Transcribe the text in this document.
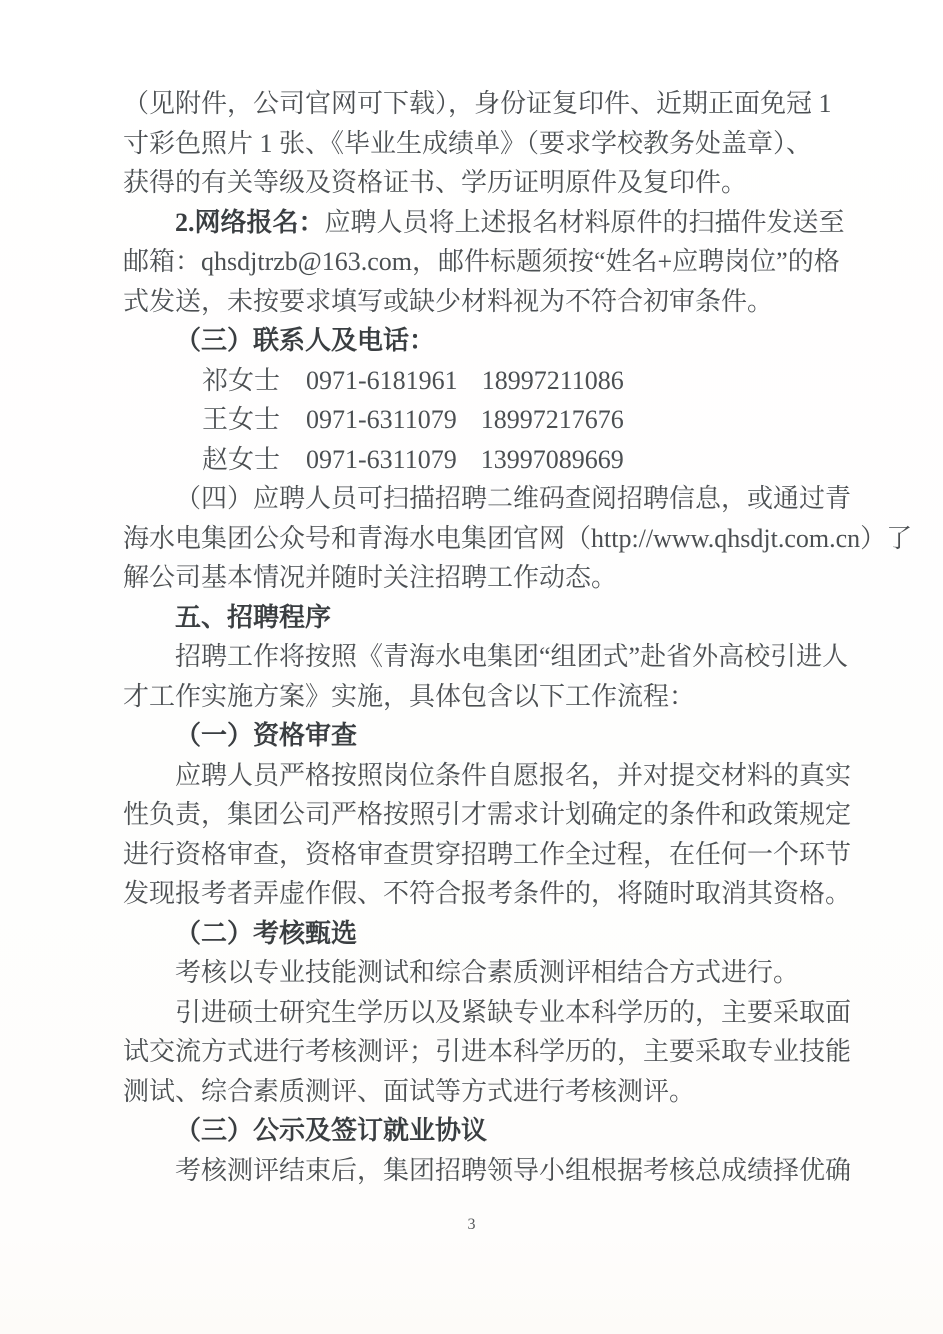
（见附件，公司官网可下载），身份证复印件、近期正面免冠 1
寸彩色照片 1 张、《毕业生成绩单》（要求学校教务处盖章）、
获得的有关等级及资格证书、学历证明原件及复印件。
2.网络报名：应聘人员将上述报名材料原件的扫描件发送至
邮箱：qhsdjtrzb@163.com，邮件标题须按“姓名+应聘岗位”的格
式发送，未按要求填写或缺少材料视为不符合初审条件。
（三）联系人及电话：
祁女士 0971-6181961 18997211086
王女士 0971-6311079 18997217676
赵女士 0971-6311079 13997089669
（四）应聘人员可扫描招聘二维码查阅招聘信息，或通过青
海水电集团公众号和青海水电集团官网（http://www.qhsdjt.com.cn）了
解公司基本情况并随时关注招聘工作动态。
五、招聘程序
招聘工作将按照《青海水电集团“组团式”赴省外高校引进人
才工作实施方案》实施，具体包含以下工作流程：
（一）资格审查
应聘人员严格按照岗位条件自愿报名，并对提交材料的真实
性负责，集团公司严格按照引才需求计划确定的条件和政策规定
进行资格审查，资格审查贯穿招聘工作全过程，在任何一个环节
发现报考者弄虚作假、不符合报考条件的，将随时取消其资格。
（二）考核甄选
考核以专业技能测试和综合素质测评相结合方式进行。
引进硕士研究生学历以及紧缺专业本科学历的，主要采取面
试交流方式进行考核测评；引进本科学历的，主要采取专业技能
测试、综合素质测评、面试等方式进行考核测评。
（三）公示及签订就业协议
考核测评结束后，集团招聘领导小组根据考核总成绩择优确
3
